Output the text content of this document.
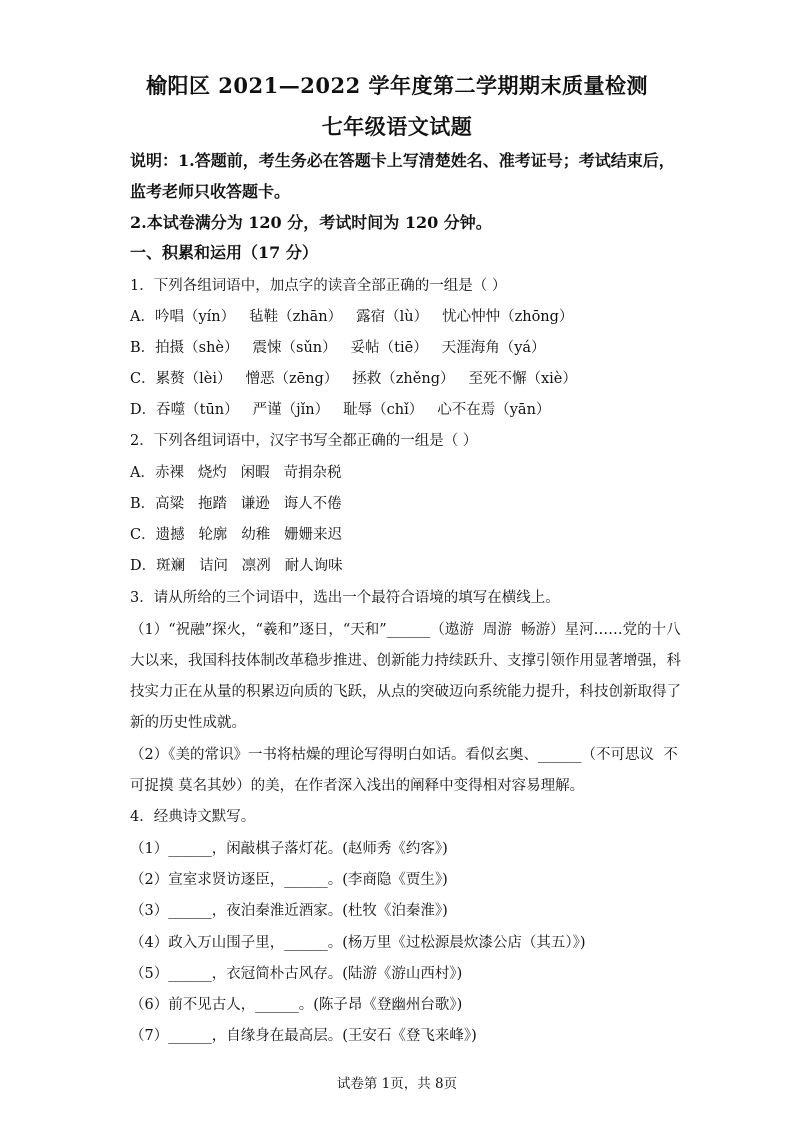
榆阳区 2021—2022 学年度第二学期期末质量检测
七年级语文试题
说明：1.答题前，考生务必在答题卡上写清楚姓名、准考证号；考试结束后，
监考老师只收答题卡。
2.本试卷满分为 120 分，考试时间为 120 分钟。
一、积累和运用（17 分）
1．下列各组词语中，加点字的读音全部正确的一组是（ ）
A．吟唱（yín） 毡鞋（zhān） 露宿（lù） 忧心忡忡（zhōng）
B．拍摄（shè） 震悚（sǔn） 妥帖（tiē） 天涯海角（yá）
C．累赘（lèi） 憎恶（zēng） 拯救（zhěng） 至死不懈（xiè）
D．吞噬（tūn） 严谨（jǐn） 耻辱（chǐ） 心不在焉（yān）
2．下列各组词语中，汉字书写全都正确的一组是（ ）
A．赤裸   烧灼   闲暇   苛捐杂税
B．高粱   拖踏   谦逊   诲人不倦
C．遗撼   轮廓   幼稚   姗姗来迟
D．斑斓   诘问   凛冽   耐人询味
3．请从所给的三个词语中，选出一个最符合语境的填写在横线上。
（1）“祝融”探火，“羲和”逐日，“天和”______（遨游  周游  畅游）星河……党的十八
大以来，我国科技体制改革稳步推进、创新能力持续跃升、支撑引领作用显著增强，科
技实力正在从量的积累迈向质的飞跃，从点的突破迈向系统能力提升，科技创新取得了
新的历史性成就。
（2）《美的常识》一书将枯燥的理论写得明白如话。看似玄奥、______（不可思议  不
可捉摸 莫名其妙）的美，在作者深入浅出的阐释中变得相对容易理解。
4．经典诗文默写。
（1）______，闲敲棋子落灯花。(赵师秀《约客》)
（2）宣室求贤访逐臣，______。(李商隐《贾生》)
（3）______，夜泊秦淮近酒家。(杜牧《泊秦淮》)
（4）政入万山围子里，______。(杨万里《过松源晨炊漆公店（其五）》)
（5）______，衣冠简朴古风存。(陆游《游山西村》)
（6）前不见古人，______。(陈子昂《登幽州台歌》)
（7）______，自缘身在最高层。(王安石《登飞来峰》)
试卷第 1页，共 8页
